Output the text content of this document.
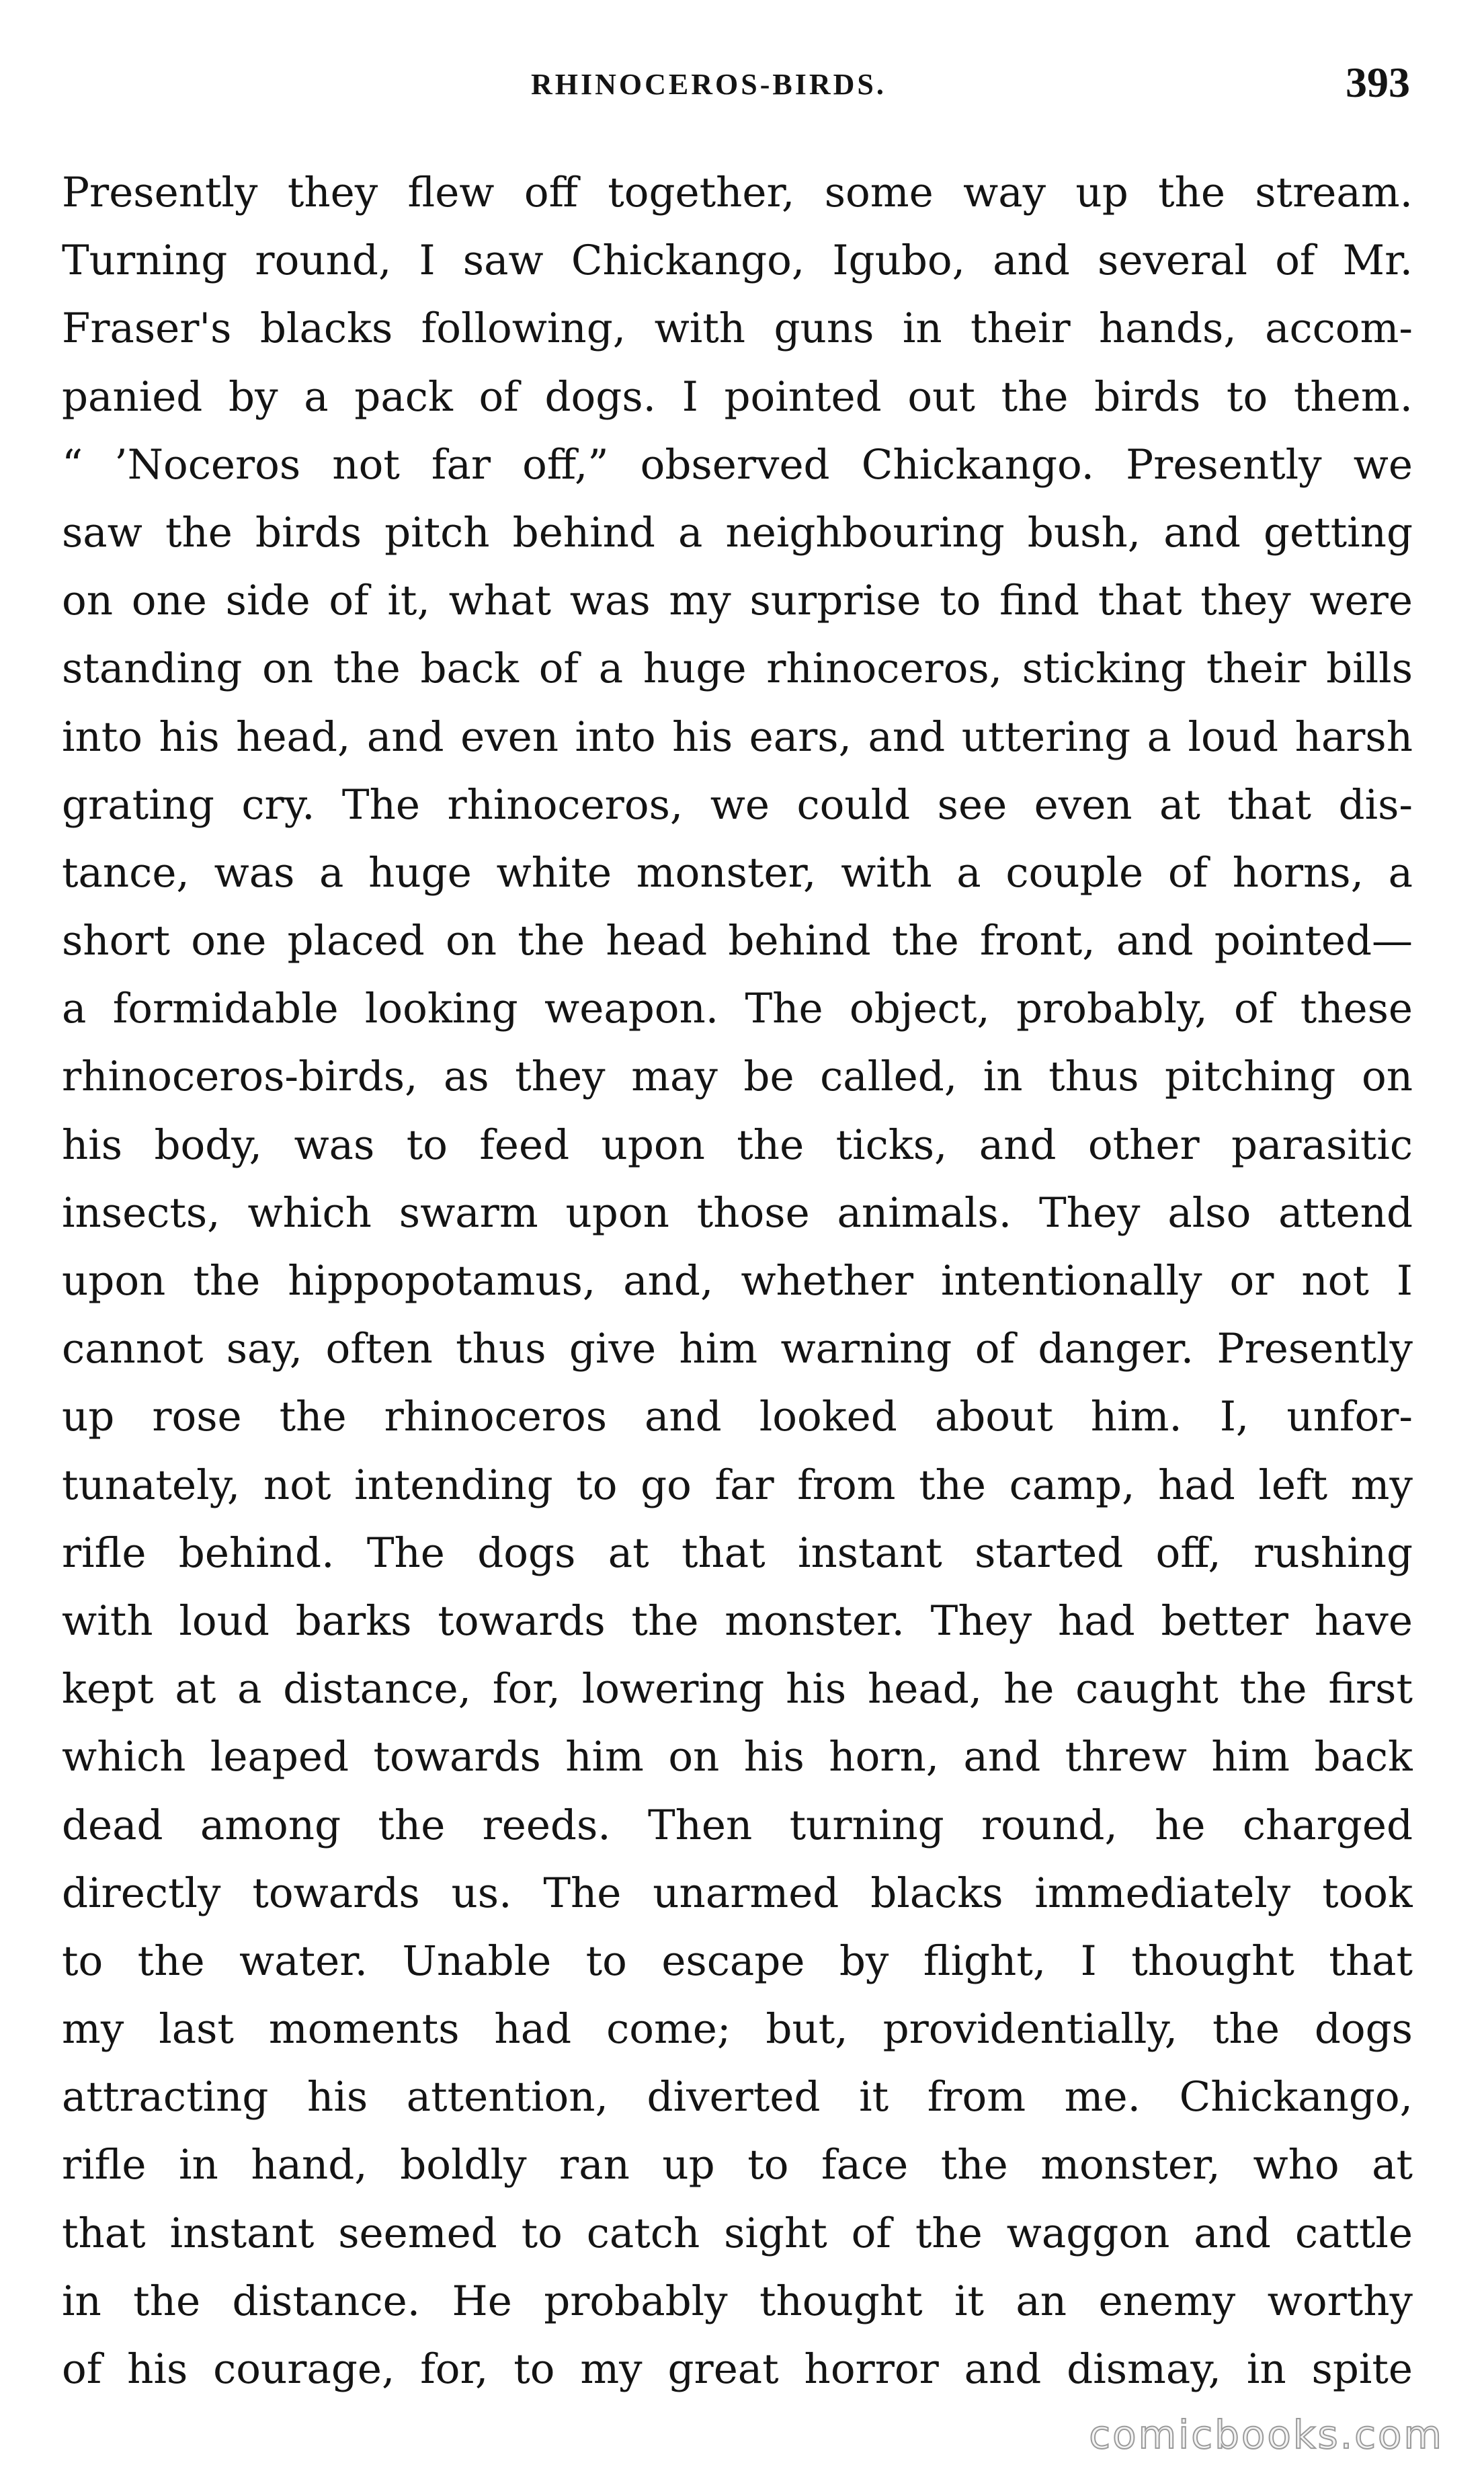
RHINOCEROS-BIRDS.	393
Presently they flew off together, some way up the stream.
Turning round, I saw Chickango, Igubo, and several of Mr.
Fraser's blacks following, with guns in their hands, accom-
panied by a pack of dogs. I pointed out the birds to them.
“ ’Noceros not far off,” observed Chickango. Presently we
saw the birds pitch behind a neighbouring bush, and getting
on one side of it, what was my surprise to find that they were
standing on the back of a huge rhinoceros, sticking their bills
into his head, and even into his ears, and uttering a loud harsh
grating cry. The rhinoceros, we could see even at that dis-
tance, was a huge white monster, with a couple of horns, a
short one placed on the head behind the front, and pointed—
a formidable looking weapon. The object, probably, of these
rhinoceros-birds, as they may be called, in thus pitching on
his body, was to feed upon the ticks, and other parasitic
insects, which swarm upon those animals. They also attend
upon the hippopotamus, and, whether intentionally or not I
cannot say, often thus give him warning of danger. Presently
up rose the rhinoceros and looked about him. I, unfor-
tunately, not intending to go far from the camp, had left my
rifle behind. The dogs at that instant started off, rushing
with loud barks towards the monster. They had better have
kept at a distance, for, lowering his head, he caught the first
which leaped towards him on his horn, and threw him back
dead among the reeds. Then turning round, he charged
directly towards us. The unarmed blacks immediately took
to the water. Unable to escape by flight, I thought that
my last moments had come; but, providentially, the dogs
attracting his attention, diverted it from me. Chickango,
rifle in hand, boldly ran up to face the monster, who at
that instant seemed to catch sight of the waggon and cattle
in the distance. He probably thought it an enemy worthy
of his courage, for, to my great horror and dismay, in spite
comicbooks.com
